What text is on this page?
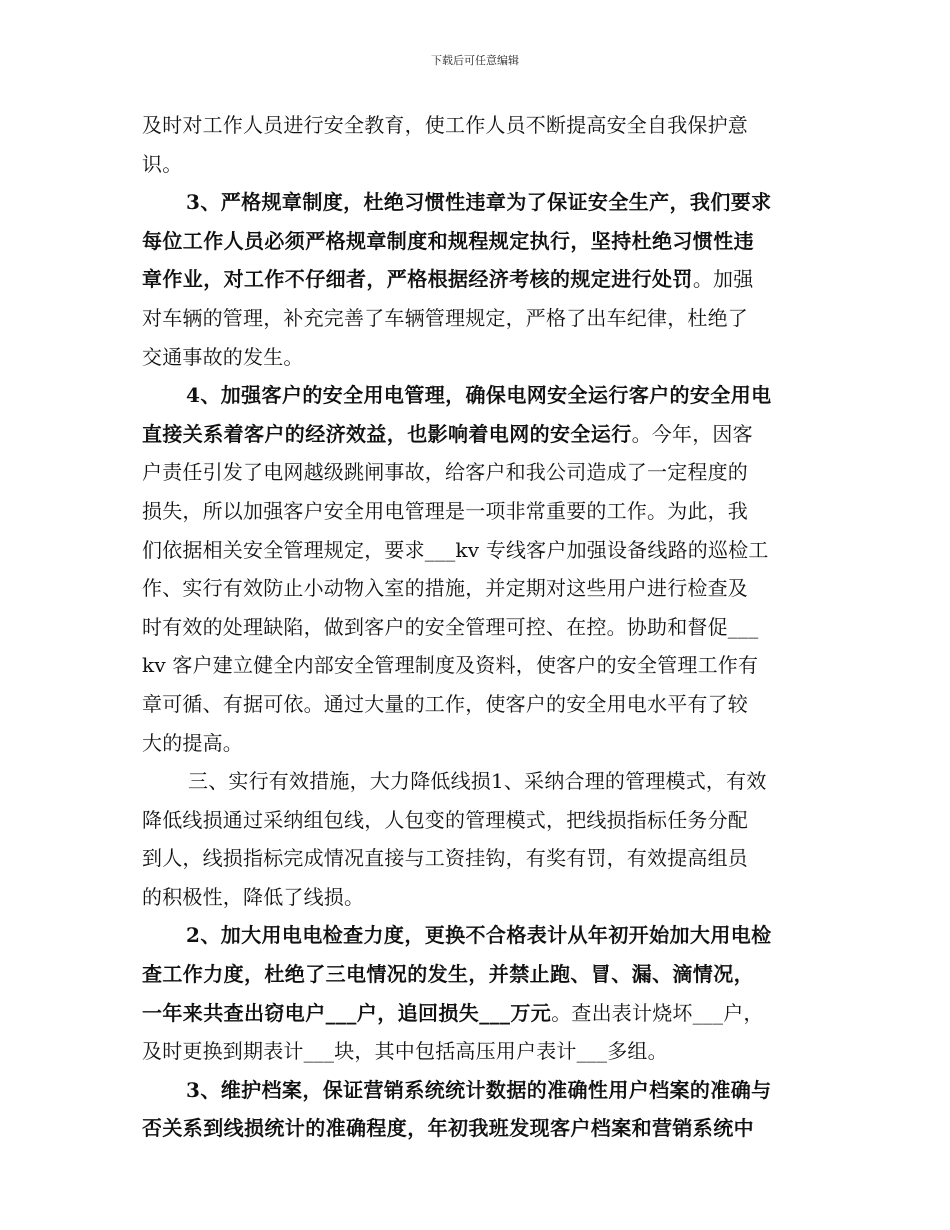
下载后可任意编辑
及时对工作人员进行安全教育，使工作人员不断提高安全自我保护意
识。
3、严格规章制度，杜绝习惯性违章为了保证安全生产，我们要求
每位工作人员必须严格规章制度和规程规定执行，坚持杜绝习惯性违
章作业，对工作不仔细者，严格根据经济考核的规定进行处罚。加强
对车辆的管理，补充完善了车辆管理规定，严格了出车纪律，杜绝了
交通事故的发生。
4、加强客户的安全用电管理，确保电网安全运行客户的安全用电
直接关系着客户的经济效益，也影响着电网的安全运行。今年，因客
户责任引发了电网越级跳闸事故，给客户和我公司造成了一定程度的
损失，所以加强客户安全用电管理是一项非常重要的工作。为此，我
们依据相关安全管理规定，要求___kv 专线客户加强设备线路的巡检工
作、实行有效防止小动物入室的措施，并定期对这些用户进行检查及
时有效的处理缺陷，做到客户的安全管理可控、在控。协助和督促___
kv 客户建立健全内部安全管理制度及资料，使客户的安全管理工作有
章可循、有据可依。通过大量的工作，使客户的安全用电水平有了较
大的提高。
三、实行有效措施，大力降低线损1、采纳合理的管理模式，有效
降低线损通过采纳组包线，人包变的管理模式，把线损指标任务分配
到人，线损指标完成情况直接与工资挂钩，有奖有罚，有效提高组员
的积极性，降低了线损。
2、加大用电电检查力度，更换不合格表计从年初开始加大用电检
查工作力度，杜绝了三电情况的发生，并禁止跑、冒、漏、滴情况，
一年来共查出窃电户___户，追回损失___万元。查出表计烧坏___户，
及时更换到期表计___块，其中包括高压用户表计___多组。
3、维护档案，保证营销系统统计数据的准确性用户档案的准确与
否关系到线损统计的准确程度，年初我班发现客户档案和营销系统中
